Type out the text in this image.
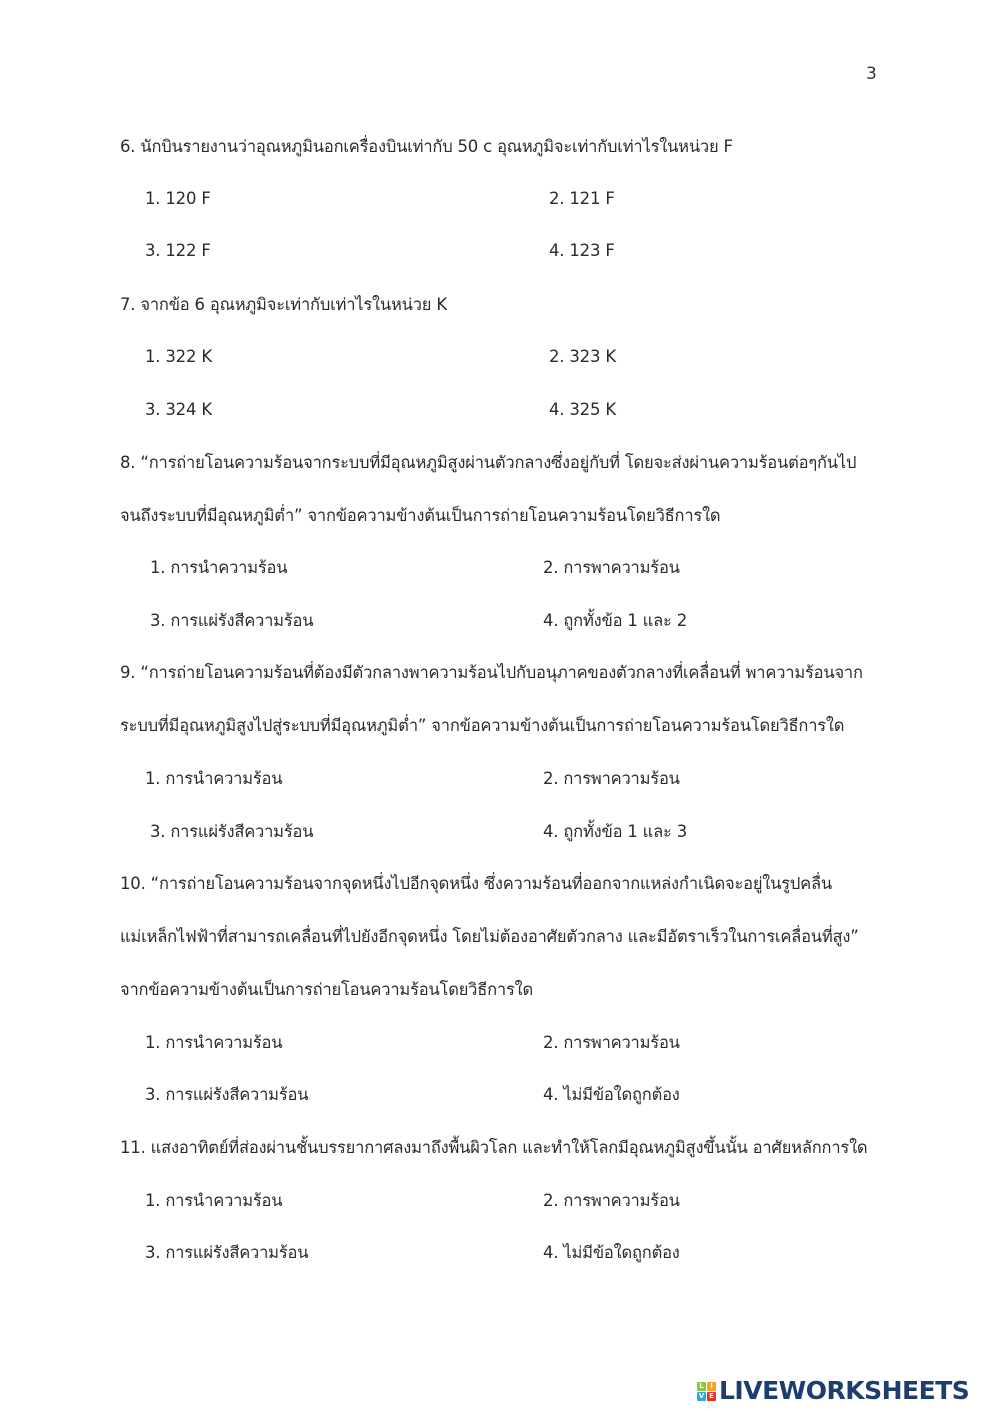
3
6. นักบินรายงานว่าอุณหภูมินอกเครื่องบินเท่ากับ 50 c อุณหภูมิจะเท่ากับเท่าไรในหน่วย F
1. 120 F	2. 121 F
3. 122 F	4. 123 F
7. จากข้อ 6 อุณหภูมิจะเท่ากับเท่าไรในหน่วย K
1. 322 K	2. 323 K
3. 324 K	4. 325 K
8. “การถ่ายโอนความร้อนจากระบบที่มีอุณหภูมิสูงผ่านตัวกลางซึ่งอยู่กับที่ โดยจะส่งผ่านความร้อนต่อๆกันไป
จนถึงระบบที่มีอุณหภูมิต่ำ” จากข้อความข้างต้นเป็นการถ่ายโอนความร้อนโดยวิธีการใด
1. การนำความร้อน	2. การพาความร้อน
3. การแผ่รังสีความร้อน	4. ถูกทั้งข้อ 1 และ 2
9. “การถ่ายโอนความร้อนที่ต้องมีตัวกลางพาความร้อนไปกับอนุภาคของตัวกลางที่เคลื่อนที่ พาความร้อนจาก
ระบบที่มีอุณหภูมิสูงไปสู่ระบบที่มีอุณหภูมิต่ำ” จากข้อความข้างต้นเป็นการถ่ายโอนความร้อนโดยวิธีการใด
1. การนำความร้อน	2. การพาความร้อน
3. การแผ่รังสีความร้อน	4. ถูกทั้งข้อ 1 และ 3
10. “การถ่ายโอนความร้อนจากจุดหนึ่งไปอีกจุดหนึ่ง ซึ่งความร้อนที่ออกจากแหล่งกำเนิดจะอยู่ในรูปคลื่น
แม่เหล็กไฟฟ้าที่สามารถเคลื่อนที่ไปยังอีกจุดหนึ่ง โดยไม่ต้องอาศัยตัวกลาง และมีอัตราเร็วในการเคลื่อนที่สูง”
จากข้อความข้างต้นเป็นการถ่ายโอนความร้อนโดยวิธีการใด
1. การนำความร้อน	2. การพาความร้อน
3. การแผ่รังสีความร้อน	4. ไม่มีข้อใดถูกต้อง
11. แสงอาทิตย์ที่ส่องผ่านชั้นบรรยากาศลงมาถึงพื้นผิวโลก และทำให้โลกมีอุณหภูมิสูงขึ้นนั้น อาศัยหลักการใด
1. การนำความร้อน	2. การพาความร้อน
3. การแผ่รังสีความร้อน	4. ไม่มีข้อใดถูกต้อง
L I
V E LIVEWORKSHEETS
